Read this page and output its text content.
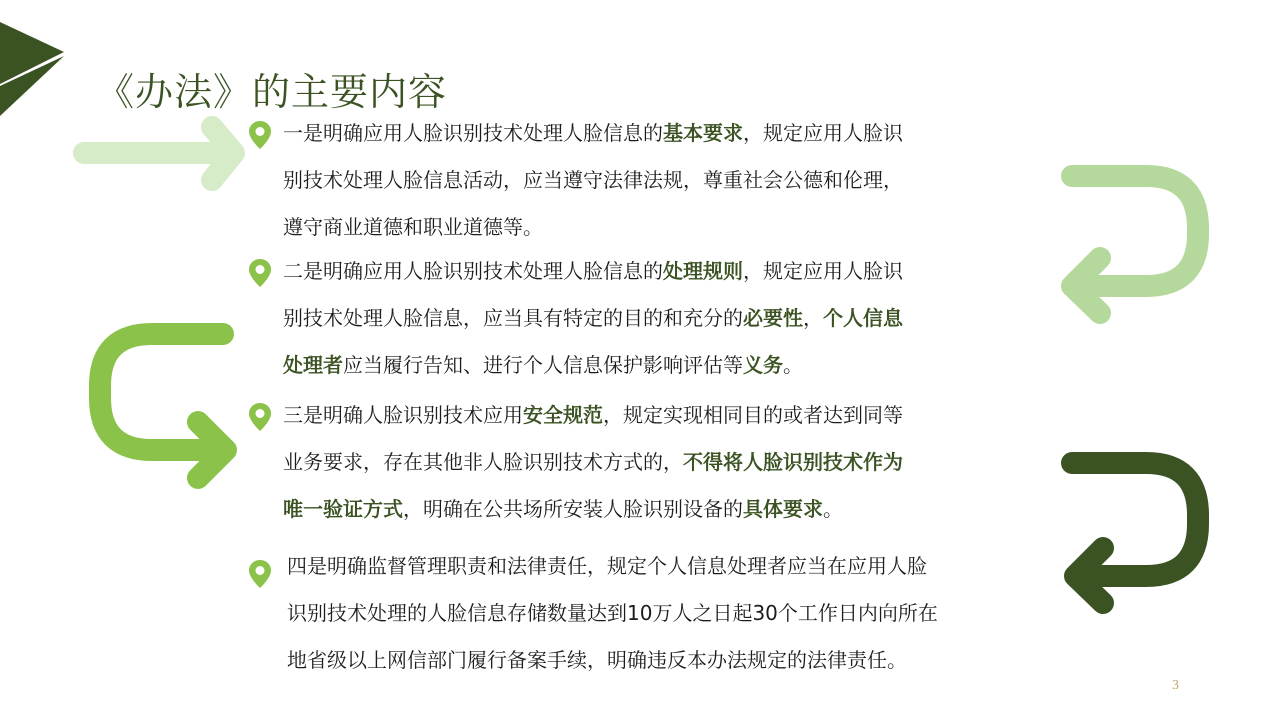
《办法》的主要内容

一是明确应用人脸识别技术处理人脸信息的基本要求，规定应用人脸识
别技术处理人脸信息活动，应当遵守法律法规，尊重社会公德和伦理，
遵守商业道德和职业道德等。

二是明确应用人脸识别技术处理人脸信息的处理规则，规定应用人脸识
别技术处理人脸信息，应当具有特定的目的和充分的必要性，个人信息
处理者应当履行告知、进行个人信息保护影响评估等义务。

三是明确人脸识别技术应用安全规范，规定实现相同目的或者达到同等
业务要求，存在其他非人脸识别技术方式的，不得将人脸识别技术作为
唯一验证方式，明确在公共场所安装人脸识别设备的具体要求。

四是明确监督管理职责和法律责任，规定个人信息处理者应当在应用人脸
识别技术处理的人脸信息存储数量达到10万人之日起30个工作日内向所在
地省级以上网信部门履行备案手续，明确违反本办法规定的法律责任。

3
